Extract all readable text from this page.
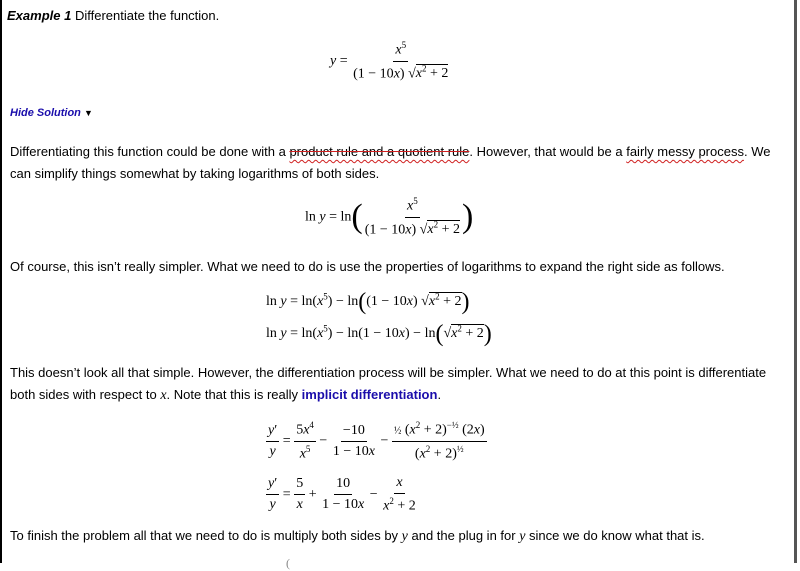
Example 1 Differentiate the function.
$y = \frac{x^5}{(1 - 10x) √x^2 + 2}$
Hide Solution ▼
Differentiating this function could be done with a product rule and a quotient rule. However, that would be a fairly messy process. We can simplify things somewhat by taking logarithms of both sides.
$\ln y = \ln( \frac{x^5}{(1 - 10x) √x^2 + 2}$ )
Of course, this isn’t really simpler. What we need to do is use the properties of logarithms to expand the right side as follows.
$\ln y = \ln(x^5) - \ln((1 - 10x) √x^2 + 2)$
$\ln y = \ln(x^5) - \ln(1 - 10x) - \ln(√x^2 + 2)$
This doesn’t look all that simple. However, the differentiation process will be simpler. What we need to do at this point is differentiate both sides with respect to x. Note that this is really implicit differentiation.
$\frac{y'}{y} = \frac{5x^4}{x^5} - \frac{-10}{1 - 10x} - \frac{\frac{1}{2} (x^2 + 2)^{-\frac{1}{2}} (2x)}{(x^2 + 2)^{\frac{1}{2}}}$
$\frac{y'}{y} = \frac{5}{x} + \frac{10}{1 - 10x} - \frac{x}{x^2 + 2}$
To finish the problem all that we need to do is multiply both sides by y and the plug in for y since we do know what that is.
(
